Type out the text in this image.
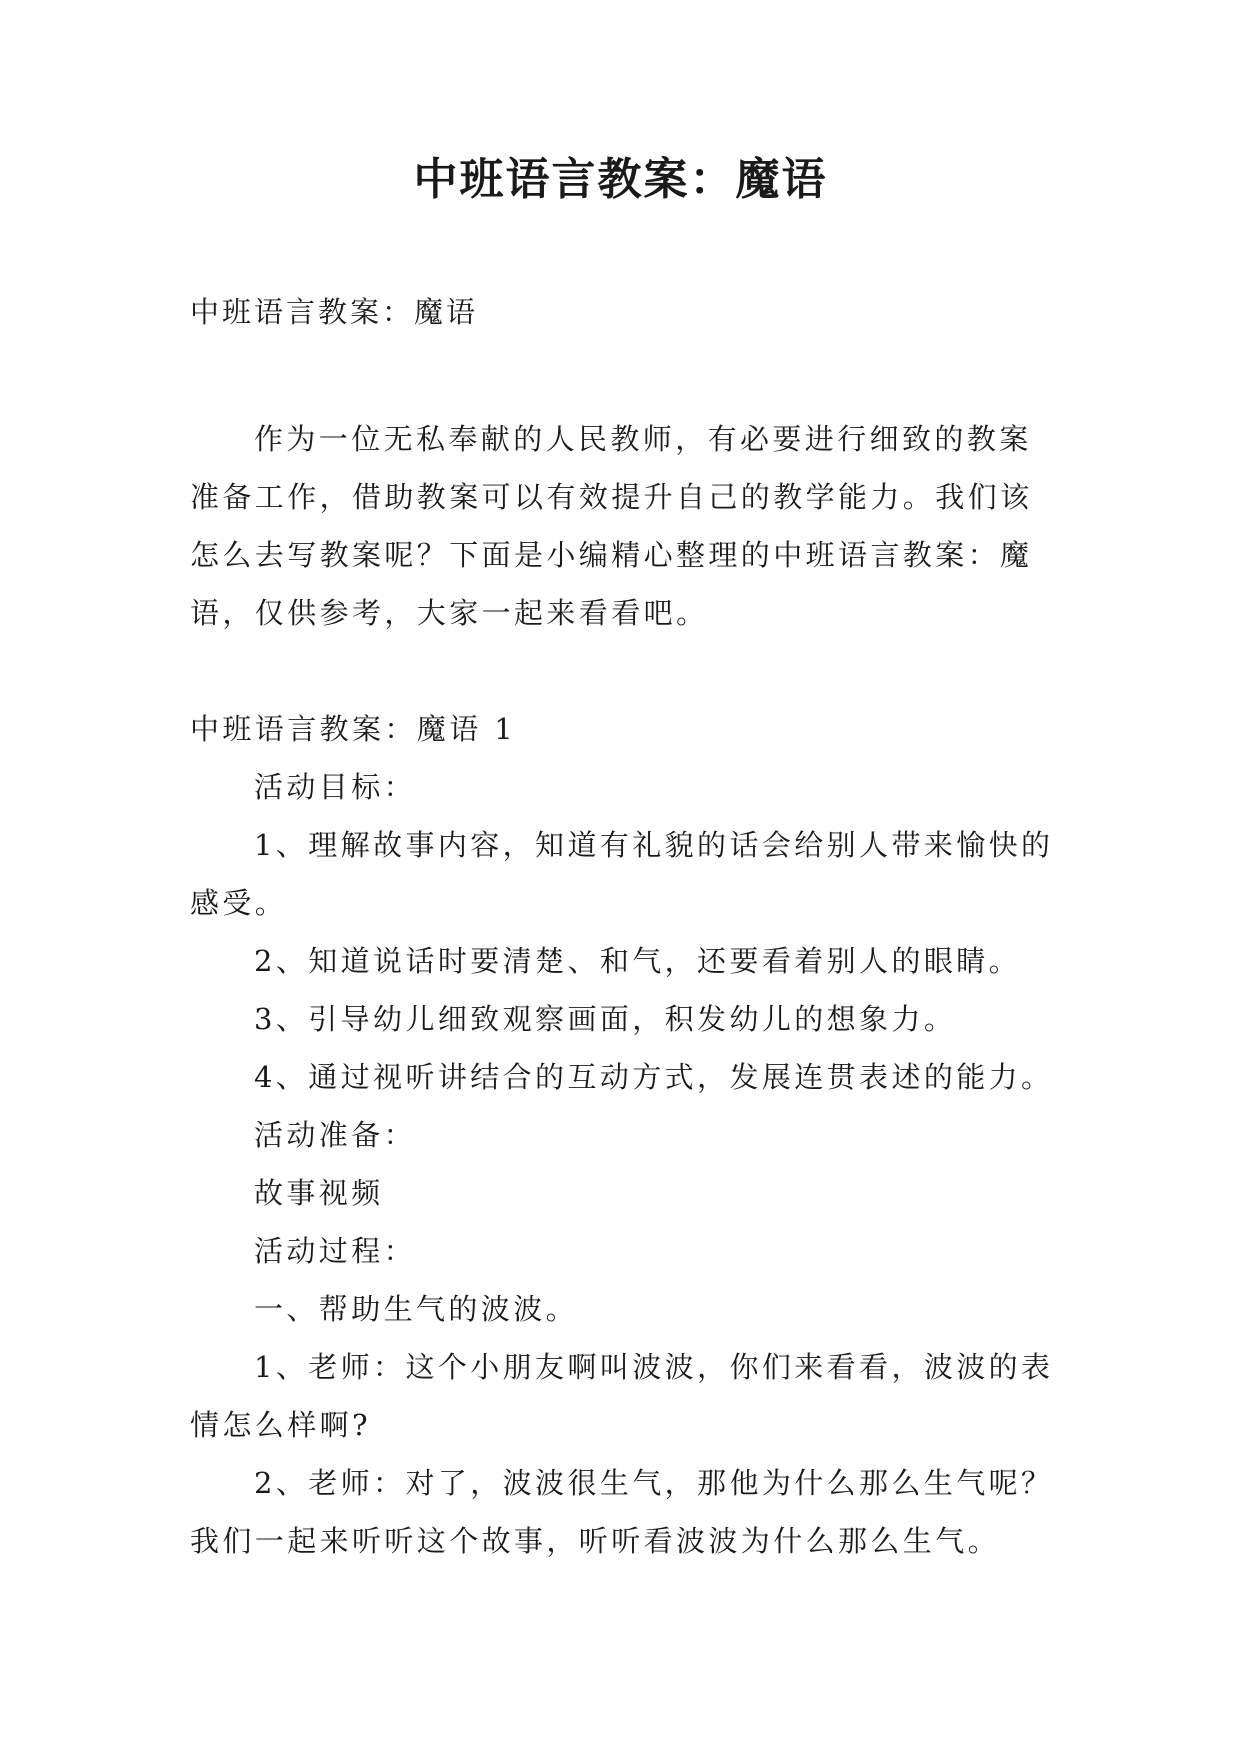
中班语言教案：魔语
中班语言教案：魔语

作为一位无私奉献的人民教师，有必要进行细致的教案准备工作，借助教案可以有效提升自己的教学能力。我们该怎么去写教案呢？下面是小编精心整理的中班语言教案：魔语，仅供参考，大家一起来看看吧。

中班语言教案：魔语 1

活动目标：

1、理解故事内容，知道有礼貌的话会给别人带来愉快的感受。

2、知道说话时要清楚、和气，还要看着别人的眼睛。

3、引导幼儿细致观察画面，积发幼儿的想象力。

4、通过视听讲结合的互动方式，发展连贯表述的能力。

活动准备：

故事视频

活动过程：

一、帮助生气的波波。

1、老师：这个小朋友啊叫波波，你们来看看，波波的表情怎么样啊?

2、老师：对了，波波很生气，那他为什么那么生气呢？我们一起来听听这个故事，听听看波波为什么那么生气。
